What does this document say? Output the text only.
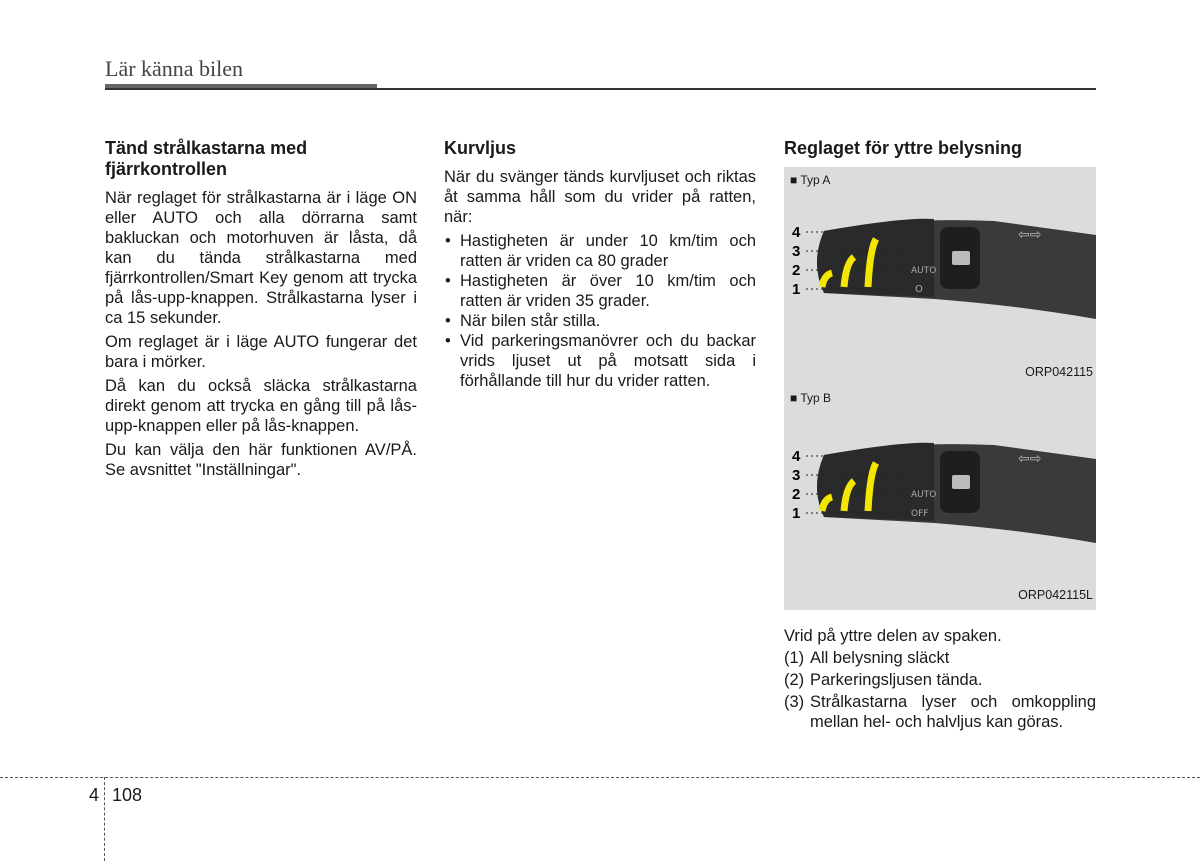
Lär känna bilen
Tänd strålkastarna med fjärrkontrollen
När reglaget för strålkastarna är i läge ON eller AUTO och alla dörrarna samt bakluckan och motorhuven är låsta, då kan du tända strålkastarna med fjärrkontrollen/Smart Key genom att trycka på lås-upp-knappen. Strålkastarna lyser i ca 15 sekunder.
Om reglaget är i läge AUTO fungerar det bara i mörker.
Då kan du också släcka strålkastarna direkt genom att trycka en gång till på lås-upp-knappen eller på lås-knappen.
Du kan välja den här funktionen AV/PÅ. Se avsnittet "Inställningar".
Kurvljus
När du svänger tänds kurvljuset och riktas åt samma håll som du vrider på ratten, när:
• Hastigheten är under 10 km/tim och ratten är vriden ca 80 grader
• Hastigheten är över 10 km/tim och ratten är vriden 35 grader.
• När bilen står stilla.
• Vid parkeringsmanövrer och du backar vrids ljuset ut på motsatt sida i förhållande till hur du vrider ratten.
Reglaget för yttre belysning
■ Typ A
AUTO
O
⇦⇨
4
3
2
1
ORP042115
■ Typ B
AUTO
OFF
⇦⇨
4
3
2
1
ORP042115L
Vrid på yttre delen av spaken.
(1) All belysning släckt
(2) Parkeringsljusen tända.
(3) Strålkastarna lyser och omkoppling mellan hel- och halvljus kan göras.
4 108
